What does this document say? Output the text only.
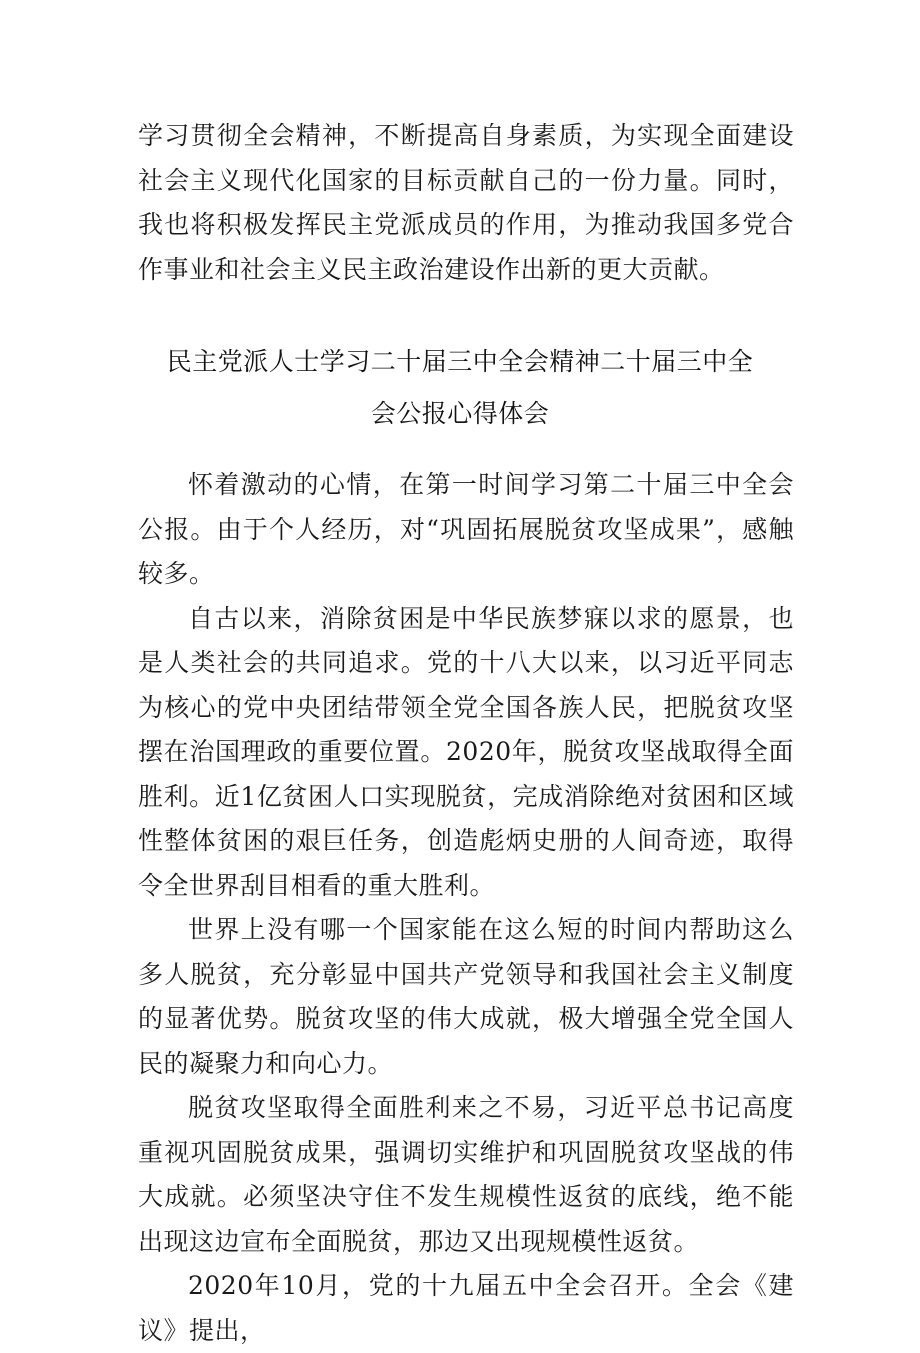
学习贯彻全会精神，不断提高自身素质，为实现全面建设社会主义现代化国家的目标贡献自己的一份力量。同时，我也将积极发挥民主党派成员的作用，为推动我国多党合作事业和社会主义民主政治建设作出新的更大贡献。

民主党派人士学习二十届三中全会精神二十届三中全
会公报心得体会

怀着激动的心情，在第一时间学习第二十届三中全会公报。由于个人经历，对“巩固拓展脱贫攻坚成果”，感触较多。

自古以来，消除贫困是中华民族梦寐以求的愿景，也是人类社会的共同追求。党的十八大以来，以习近平同志为核心的党中央团结带领全党全国各族人民，把脱贫攻坚摆在治国理政的重要位置。2020年，脱贫攻坚战取得全面胜利。近1亿贫困人口实现脱贫，完成消除绝对贫困和区域性整体贫困的艰巨任务，创造彪炳史册的人间奇迹，取得令全世界刮目相看的重大胜利。

世界上没有哪一个国家能在这么短的时间内帮助这么多人脱贫，充分彰显中国共产党领导和我国社会主义制度的显著优势。脱贫攻坚的伟大成就，极大增强全党全国人民的凝聚力和向心力。

脱贫攻坚取得全面胜利来之不易，习近平总书记高度重视巩固脱贫成果，强调切实维护和巩固脱贫攻坚战的伟大成就。必须坚决守住不发生规模性返贫的底线，绝不能出现这边宣布全面脱贫，那边又出现规模性返贫。

2020年10月，党的十九届五中全会召开。全会《建议》提出，
